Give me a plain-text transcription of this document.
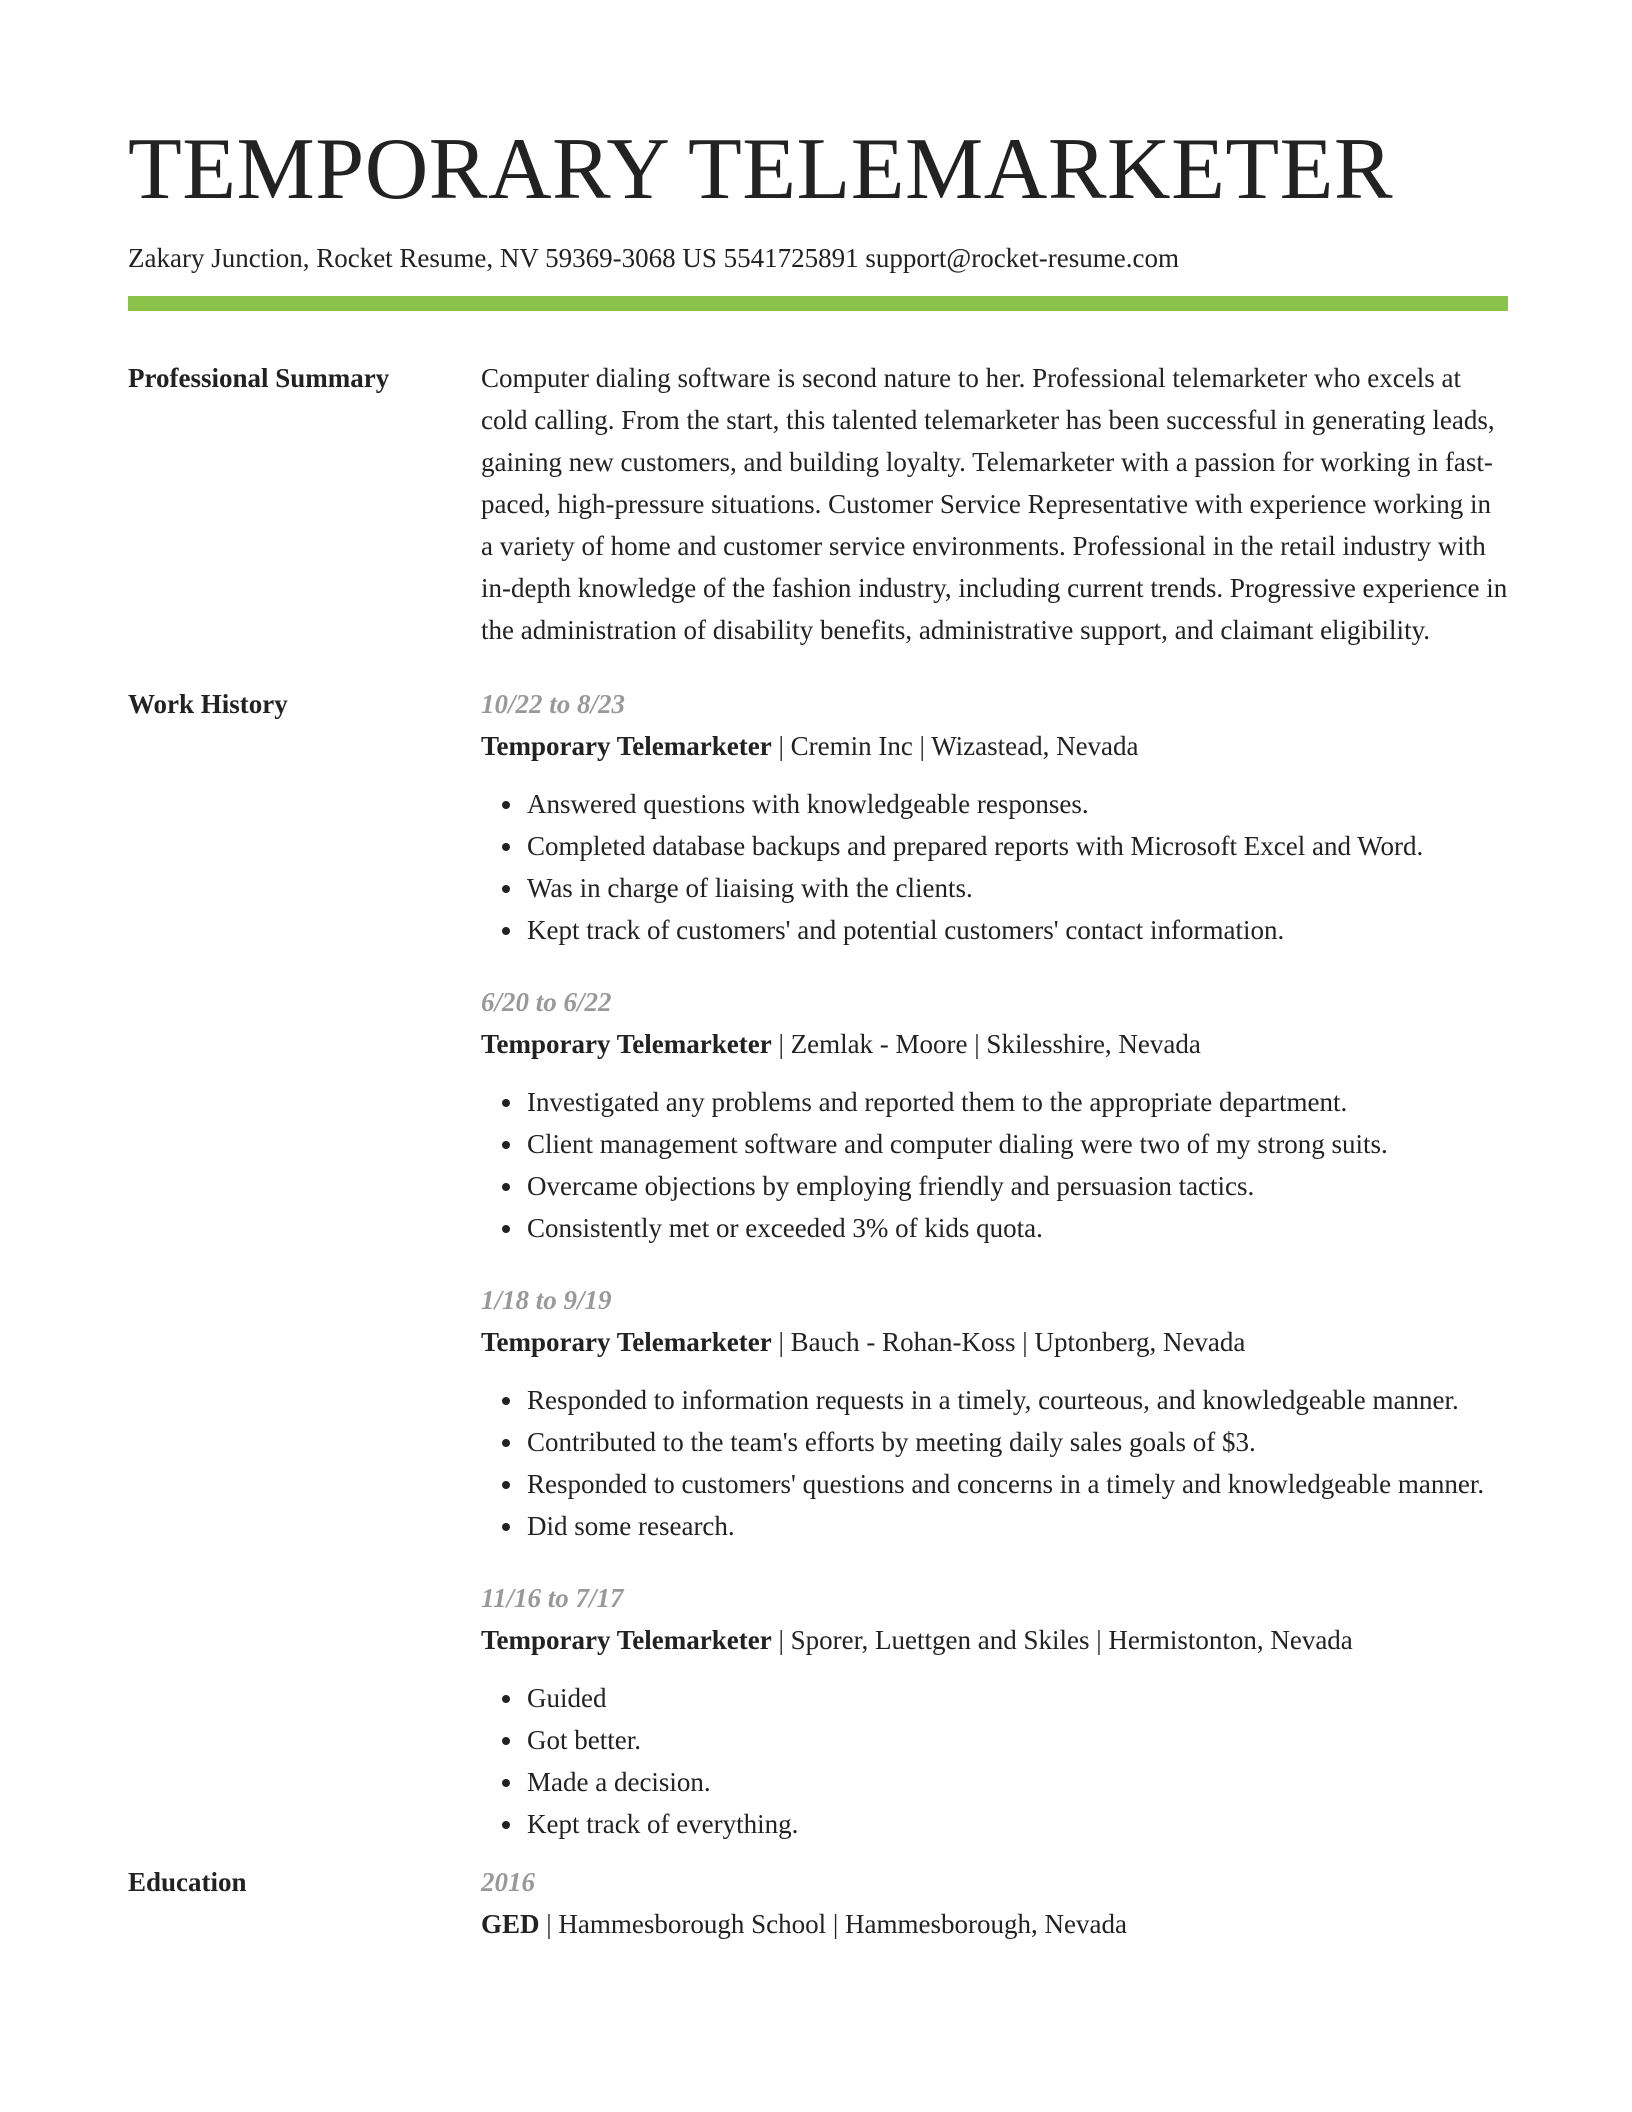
TEMPORARY TELEMARKETER
Zakary Junction, Rocket Resume, NV 59369-3068 US 5541725891 support@rocket-resume.com
Professional Summary	Computer dialing software is second nature to her. Professional telemarketer who excels at cold calling. From the start, this talented telemarketer has been successful in generating leads, gaining new customers, and building loyalty. Telemarketer with a passion for working in fast-paced, high-pressure situations. Customer Service Representative with experience working in a variety of home and customer service environments. Professional in the retail industry with in-depth knowledge of the fashion industry, including current trends. Progressive experience in the administration of disability benefits, administrative support, and claimant eligibility.
Work History	10/22 to 8/23
Temporary Telemarketer | Cremin Inc | Wizastead, Nevada
• Answered questions with knowledgeable responses.
• Completed database backups and prepared reports with Microsoft Excel and Word.
• Was in charge of liaising with the clients.
• Kept track of customers' and potential customers' contact information.
6/20 to 6/22
Temporary Telemarketer | Zemlak - Moore | Skilesshire, Nevada
• Investigated any problems and reported them to the appropriate department.
• Client management software and computer dialing were two of my strong suits.
• Overcame objections by employing friendly and persuasion tactics.
• Consistently met or exceeded 3% of kids quota.
1/18 to 9/19
Temporary Telemarketer | Bauch - Rohan-Koss | Uptonberg, Nevada
• Responded to information requests in a timely, courteous, and knowledgeable manner.
• Contributed to the team's efforts by meeting daily sales goals of $3.
• Responded to customers' questions and concerns in a timely and knowledgeable manner.
• Did some research.
11/16 to 7/17
Temporary Telemarketer | Sporer, Luettgen and Skiles | Hermistonton, Nevada
• Guided
• Got better.
• Made a decision.
• Kept track of everything.
Education	2016
GED | Hammesborough School | Hammesborough, Nevada
